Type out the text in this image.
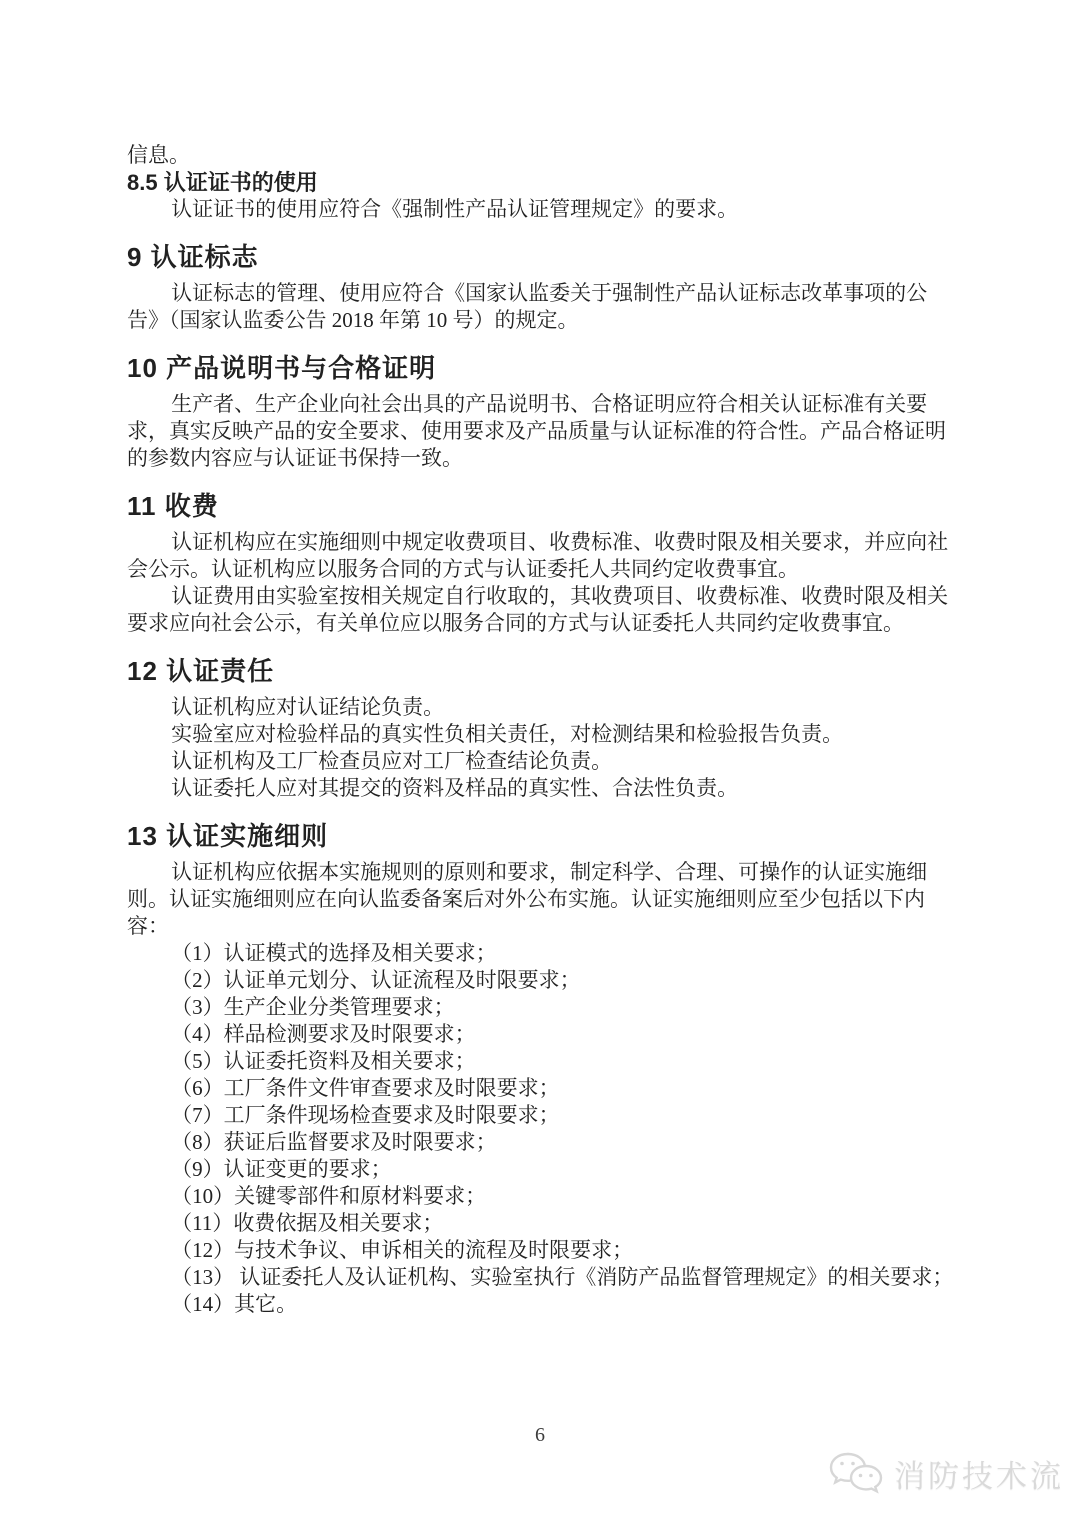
信息。
8.5 认证证书的使用

认证证书的使用应符合《强制性产品认证管理规定》的要求。

9 认证标志

认证标志的管理、使用应符合《国家认监委关于强制性产品认证标志改革事项的公告》（国家认监委公告 2018 年第 10 号）的规定。

10 产品说明书与合格证明

生产者、生产企业向社会出具的产品说明书、合格证明应符合相关认证标准有关要求，真实反映产品的安全要求、使用要求及产品质量与认证标准的符合性。产品合格证明的参数内容应与认证证书保持一致。

11 收费

认证机构应在实施细则中规定收费项目、收费标准、收费时限及相关要求，并应向社会公示。认证机构应以服务合同的方式与认证委托人共同约定收费事宜。

认证费用由实验室按相关规定自行收取的，其收费项目、收费标准、收费时限及相关要求应向社会公示，有关单位应以服务合同的方式与认证委托人共同约定收费事宜。

12 认证责任
认证机构应对认证结论负责。
实验室应对检验样品的真实性负相关责任，对检测结果和检验报告负责。
认证机构及工厂检查员应对工厂检查结论负责。
认证委托人应对其提交的资料及样品的真实性、合法性负责。
13 认证实施细则

认证机构应依据本实施规则的原则和要求，制定科学、合理、可操作的认证实施细则。认证实施细则应在向认监委备案后对外公布实施。认证实施细则应至少包括以下内容：

（1）认证模式的选择及相关要求；
（2）认证单元划分、认证流程及时限要求；
（3）生产企业分类管理要求；
（4）样品检测要求及时限要求；
（5）认证委托资料及相关要求；
（6）工厂条件文件审查要求及时限要求；
（7）工厂条件现场检查要求及时限要求；
（8）获证后监督要求及时限要求；
（9）认证变更的要求；
（10）关键零部件和原材料要求；
（11）收费依据及相关要求；
（12）与技术争议、申诉相关的流程及时限要求；
（13） 认证委托人及认证机构、实验室执行《消防产品监督管理规定》的相关要求；
（14）其它。
6
消防技术流
